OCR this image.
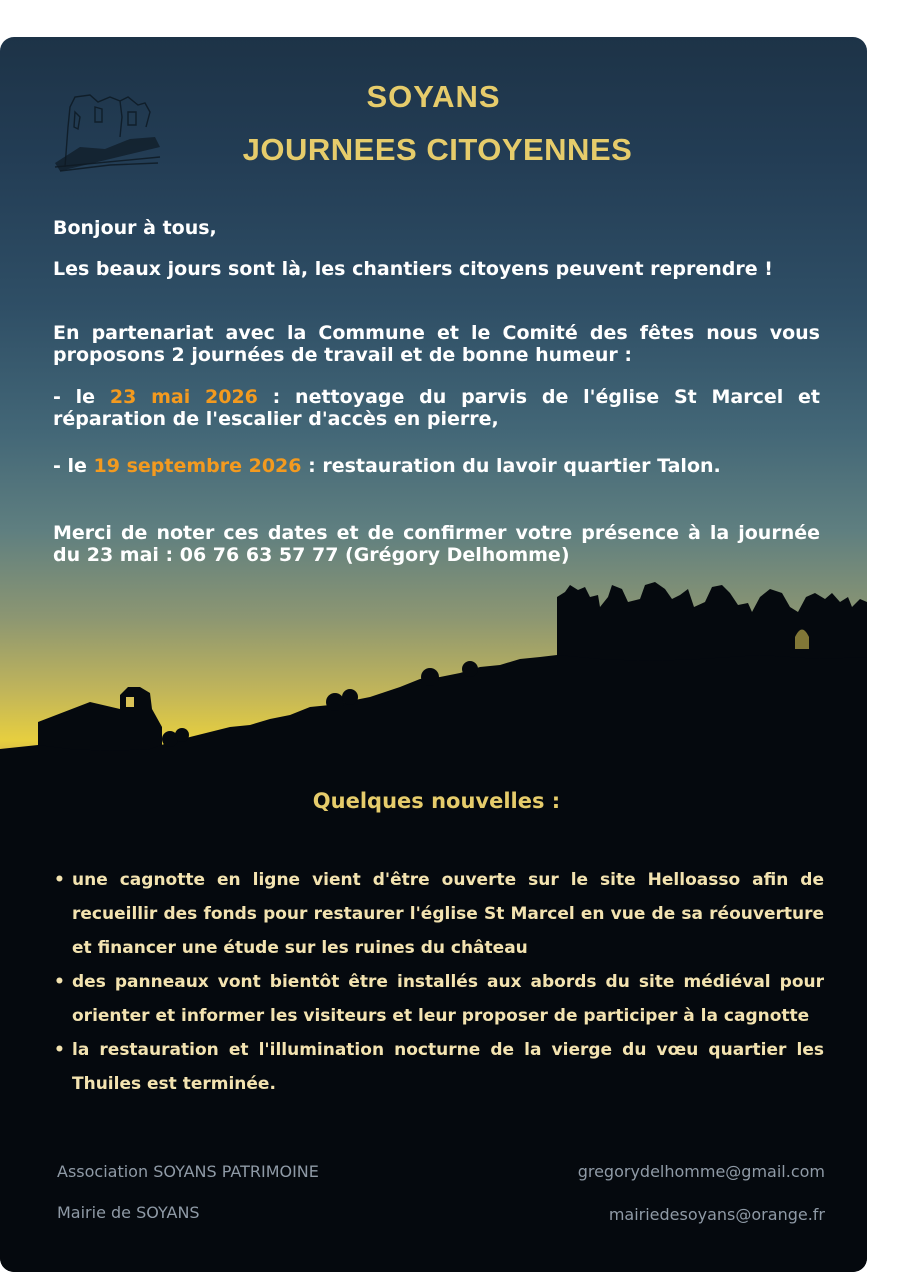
SOYANS
JOURNEES CITOYENNES
Bonjour à tous,
Les beaux jours sont là, les chantiers citoyens peuvent reprendre !
En partenariat avec la Commune et le Comité des fêtes nous vous proposons 2 journées de travail et de bonne humeur :
- le 23 mai 2026 : nettoyage du parvis de l'église St Marcel et réparation de l'escalier d'accès en pierre,
- le 19 septembre 2026 : restauration du lavoir quartier Talon.
Merci de noter ces dates et de confirmer votre présence à la journée du 23 mai : 06 76 63 57 77 (Grégory Delhomme)
Quelques nouvelles :
• une cagnotte en ligne vient d'être ouverte sur le site Helloasso afin de recueillir des fonds pour restaurer l'église St Marcel en vue de sa réouverture et financer une étude sur les ruines du château
• des panneaux vont bientôt être installés aux abords du site médiéval pour orienter et informer les visiteurs et leur proposer de participer à la cagnotte
• la restauration et l'illumination nocturne de la vierge du vœu quartier les Thuiles est terminée.
Association SOYANS PATRIMOINE
Mairie de SOYANS
gregorydelhomme@gmail.com
mairiedesoyans@orange.fr
